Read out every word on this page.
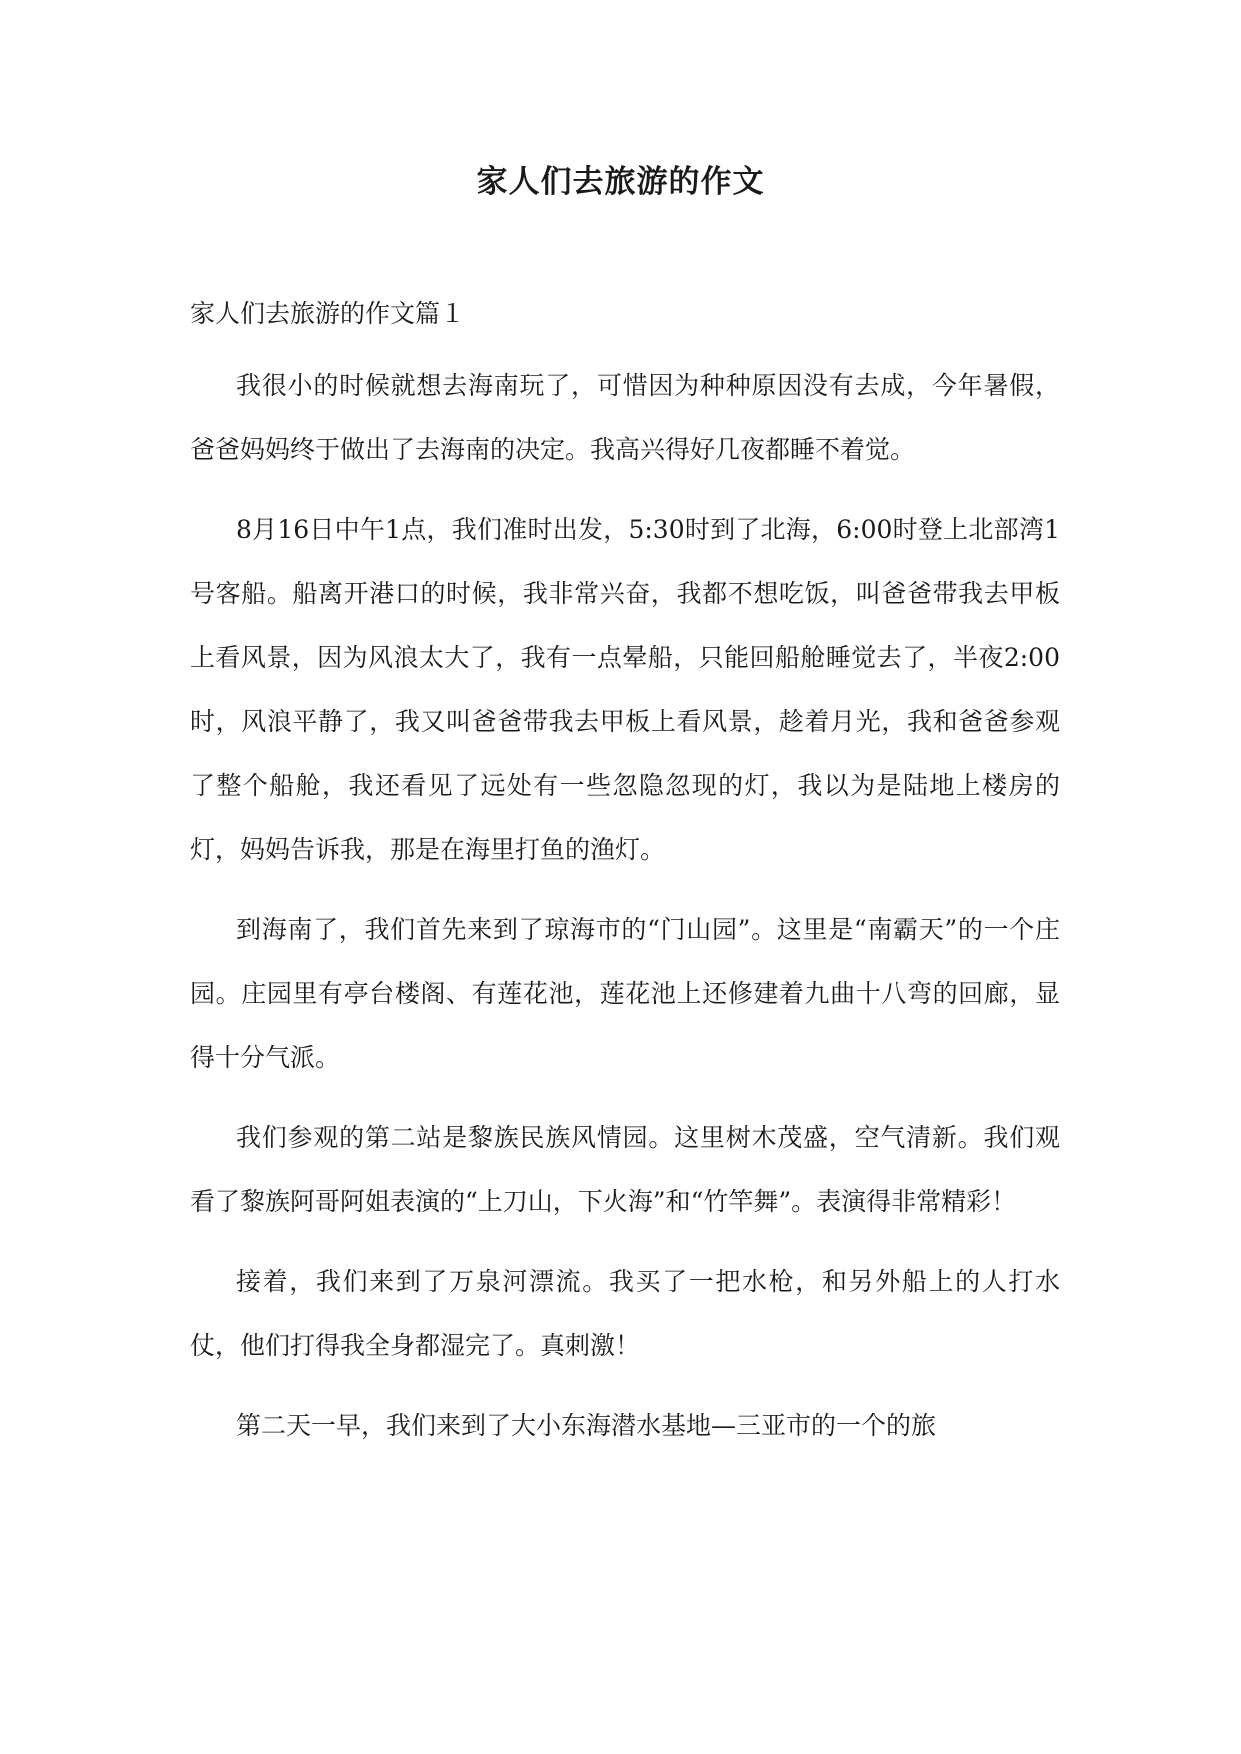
家人们去旅游的作文

家人们去旅游的作文篇１

我很小的时候就想去海南玩了，可惜因为种种原因没有去成，今年暑假，爸爸妈妈终于做出了去海南的决定。我高兴得好几夜都睡不着觉。

8月16日中午1点，我们准时出发，5:30时到了北海，6:00时登上北部湾1号客船。船离开港口的时候，我非常兴奋，我都不想吃饭，叫爸爸带我去甲板上看风景，因为风浪太大了，我有一点晕船，只能回船舱睡觉去了，半夜2:00时，风浪平静了，我又叫爸爸带我去甲板上看风景，趁着月光，我和爸爸参观了整个船舱，我还看见了远处有一些忽隐忽现的灯，我以为是陆地上楼房的灯，妈妈告诉我，那是在海里打鱼的渔灯。

到海南了，我们首先来到了琼海市的“门山园”。这里是“南霸天”的一个庄园。庄园里有亭台楼阁、有莲花池，莲花池上还修建着九曲十八弯的回廊，显得十分气派。

我们参观的第二站是黎族民族风情园。这里树木茂盛，空气清新。我们观看了黎族阿哥阿姐表演的“上刀山，下火海”和“竹竿舞”。表演得非常精彩！

接着，我们来到了万泉河漂流。我买了一把水枪，和另外船上的人打水仗，他们打得我全身都湿完了。真刺激！

第二天一早，我们来到了大小东海潜水基地—三亚市的一个的旅
